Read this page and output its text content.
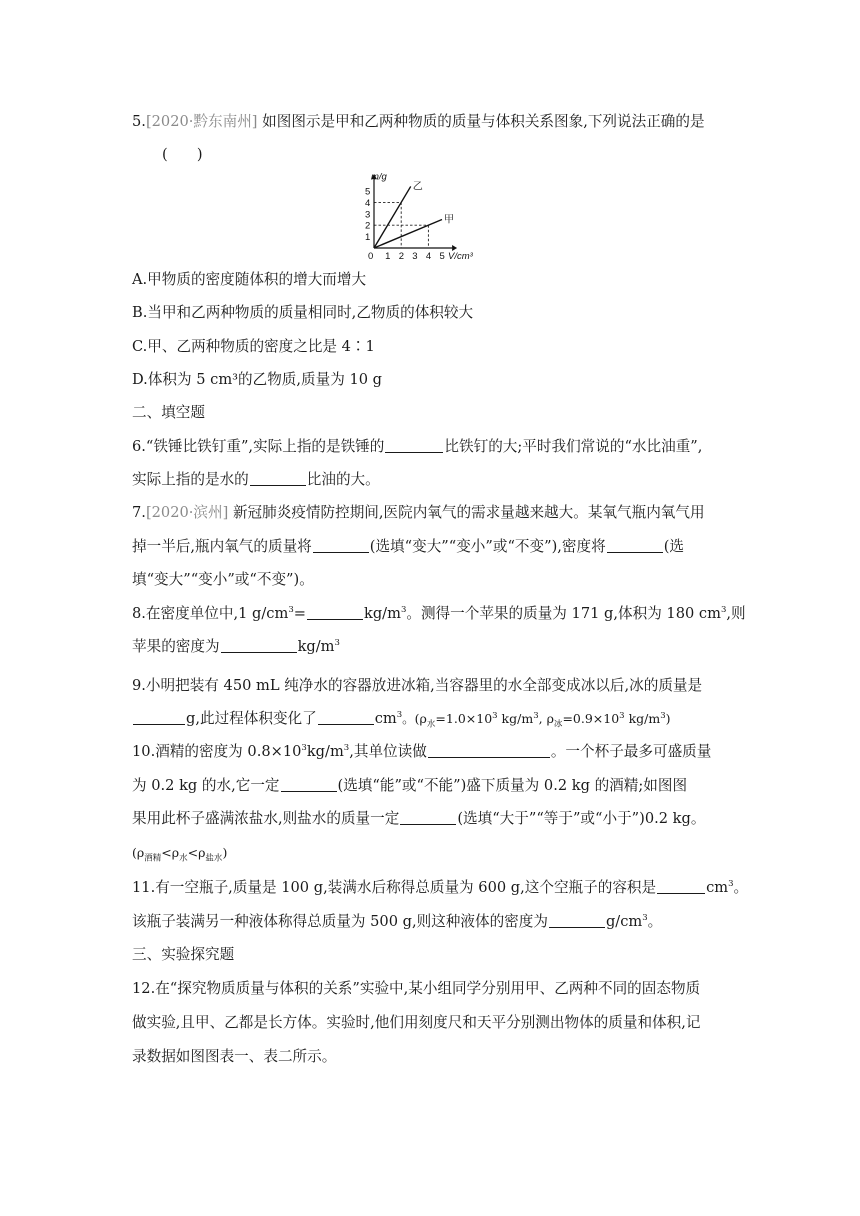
5.[2020·黔东南州] 如图图示是甲和乙两种物质的质量与体积关系图象,下列说法正确的是
(　　)
乙
甲
0 1 2 3 4 5
1
2
3
4
5
m/g
V/cm³
A.甲物质的密度随体积的增大而增大
B.当甲和乙两种物质的质量相同时,乙物质的体积较大
C.甲、乙两种物质的密度之比是 4∶1
D.体积为 5 cm³的乙物质,质量为 10 g
二、填空题
6.“铁锤比铁钉重”,实际上指的是铁锤的	比铁钉的大;平时我们常说的“水比油重”,
实际上指的是水的	比油的大。
7.[2020·滨州] 新冠肺炎疫情防控期间,医院内氧气的需求量越来越大。某氧气瓶内氧气用
掉一半后,瓶内氧气的质量将	(选填“变大”“变小”或“不变”),密度将	(选
填“变大”“变小”或“不变”)。
8.在密度单位中,1 $g/cm^3=$	$kg/m^3$。测得一个苹果的质量为 171 g,体积为 180 $cm^3$,则
苹果的密度为	$kg/m^3$
9.小明把装有 450 mL 纯净水的容器放进冰箱,当容器里的水全部变成冰以后,冰的质量是
g,此过程体积变化了	$cm^3$。($\rho_水=1.0\times 10^3$ $kg/m^3$, $\rho_冰=0.9\times 10^3$ $kg/m^3$)
10.酒精的密度为 $0.8\times 10^3kg/m^3$,其单位读做	。一个杯子最多可盛质量
为 0.2 kg 的水,它一定	(选填“能”或“不能”)盛下质量为 0.2 kg 的酒精;如图图
果用此杯子盛满浓盐水,则盐水的质量一定	(选填“大于”“等于”或“小于”)0.2 kg。
$(\rho_{酒精}<\rho_水<\rho_{盐水})$
11.有一空瓶子,质量是 100 g,装满水后称得总质量为 600 g,这个空瓶子的容积是	$cm^3$。
该瓶子装满另一种液体称得总质量为 500 g,则这种液体的密度为	$g/cm^3$。
三、实验探究题
12.在“探究物质质量与体积的关系”实验中,某小组同学分别用甲、乙两种不同的固态物质
做实验,且甲、乙都是长方体。实验时,他们用刻度尺和天平分别测出物体的质量和体积,记
录数据如图图表一、表二所示。
